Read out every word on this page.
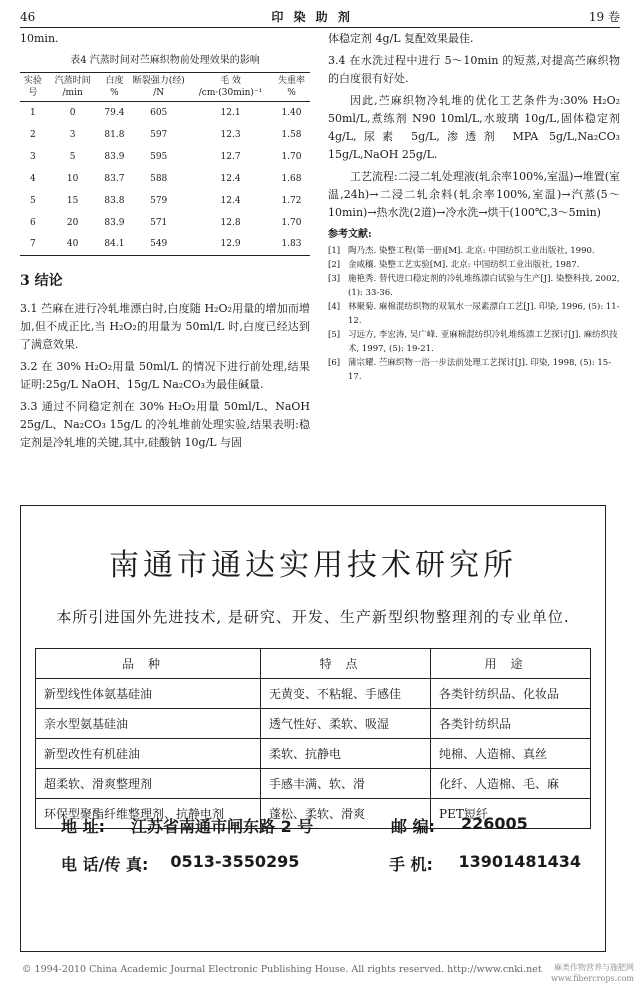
46	印 染 助 剂	19 卷
10min.
表4 汽蒸时间对苎麻织物前处理效果的影响
实验号	汽蒸时间 /min	白度 %	断裂强力(经) /N	毛 效 /cm·(30min)⁻¹	失重率 %
1	0	79.4	605	12.1	1.40
2	3	81.8	597	12.3	1.58
3	5	83.9	595	12.7	1.70
4	10	83.7	588	12.4	1.68
5	15	83.8	579	12.4	1.72
6	20	83.9	571	12.8	1.70
7	40	84.1	549	12.9	1.83
3 结论
3.1 苎麻在进行冷轧堆漂白时,白度随 H₂O₂用量的增加而增加,但不成正比,当 H₂O₂的用量为 50ml/L 时,白度已经达到了满意效果.
3.2 在 30% H₂O₂用量 50ml/L 的情况下进行前处理,结果证明:25g/L NaOH、15g/L Na₂CO₃为最佳碱量.
3.3 通过不同稳定剂在 30% H₂O₂用量 50ml/L、NaOH 25g/L、Na₂CO₃ 15g/L 的冷轧堆前处理实验,结果表明:稳定剂是冷轧堆的关键,其中,硅酸钠 10g/L 与固
体稳定剂 4g/L 复配效果最佳.
3.4 在水洗过程中进行 5～10min 的短蒸,对提高苎麻织物的白度很有好处.
因此,苎麻织物冷轧堆的优化工艺条件为:30% H₂O₂ 50ml/L,煮练剂 N90 10ml/L,水玻璃 10g/L,固体稳定剂 4g/L,尿素 5g/L,渗透剂 MPA 5g/L,Na₂CO₃ 15g/L,NaOH 25g/L.
工艺流程:二浸二轧处理液(轧余率100%,室温)→堆置(室温,24h)→二浸二轧余料(轧余率100%,室温)→汽蒸(5～10min)→热水洗(2道)→冷水洗→烘干(100℃,3～5min)
参考文献:
[1] 陶乃杰. 染整工程(第一册)[M]. 北京: 中国纺织工业出版社, 1990.
[2] 金咸穰. 染整工艺实验[M]. 北京: 中国纺织工业出版社, 1987.
[3] 施艳秀. 替代进口稳定剂的冷轧堆练漂白试验与生产[J]. 染整科技, 2002, (1): 33-36.
[4] 林聚菊. 麻棉混纺织物的双氧水一尿素漂白工艺[J]. 印染, 1996, (5): 11-12.
[5] 习远方, 李宏涛, 吴广峰. 亚麻棉混纺织冷轧堆练漂工艺探讨[J]. 麻纺织技术, 1997, (5): 19-21.
[6] 蒲宗耀. 苎麻织物一浴一步法前处理工艺探讨[J]. 印染, 1998, (5): 15-17.
南通市通达实用技术研究所
本所引进国外先进技术, 是研究、开发、生产新型织物整理剂的专业单位.
品种	特点	用途
新型线性体氨基硅油	无黄变、不粘辊、手感佳	各类针纺织品、化妆品
亲水型氨基硅油	透气性好、柔软、吸湿	各类针纺织品
新型改性有机硅油	柔软、抗静电	纯棉、人造棉、真丝
超柔软、滑爽整理剂	手感丰满、软、滑	化纤、人造棉、毛、麻
环保型聚酯纤维整理剂、抗静电剂	蓬松、柔软、滑爽	PET短纤
地 址:	江苏省南通市闸东路 2 号	邮 编:	226005
电 话/传 真:	0513-3550295	手 机:	13901481434
© 1994-2010 China Academic Journal Electronic Publishing House. All rights reserved. http://www.cnki.net	麻类作物营养与施肥网
www.fibercrops.com
